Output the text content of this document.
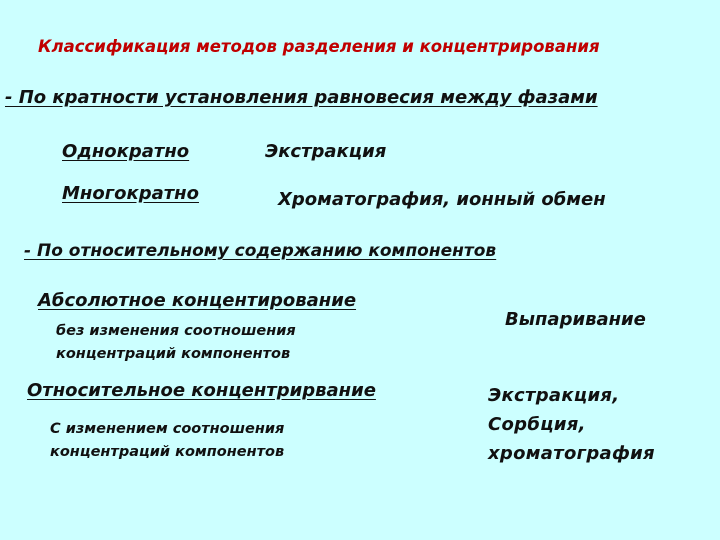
Классификация методов разделения и концентрирования
- По кратности установления равновесия между фазами
Однократно	Экстракция
Многократно	Хроматография, ионный обмен
- По относительному содержанию компонентов
Абсолютное концентирование
без изменения соотношения
концентраций компонентов
Выпаривание
Относительное концентрирвание
С изменением соотношения
концентраций компонентов
Экстракция,
Сорбция,
хроматография
